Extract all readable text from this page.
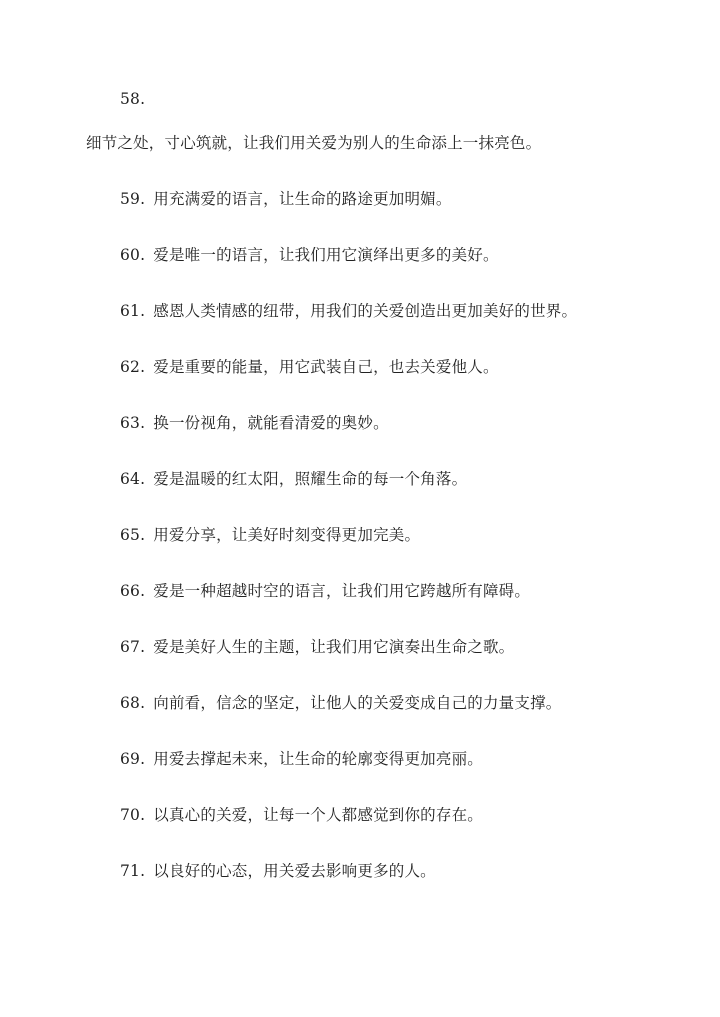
58.
细节之处，寸心筑就，让我们用关爱为别人的生命添上一抹亮色。
59. 用充满爱的语言，让生命的路途更加明媚。
60. 爱是唯一的语言，让我们用它演绎出更多的美好。
61. 感恩人类情感的纽带，用我们的关爱创造出更加美好的世界。
62. 爱是重要的能量，用它武装自己，也去关爱他人。
63. 换一份视角，就能看清爱的奥妙。
64. 爱是温暖的红太阳，照耀生命的每一个角落。
65. 用爱分享，让美好时刻变得更加完美。
66. 爱是一种超越时空的语言，让我们用它跨越所有障碍。
67. 爱是美好人生的主题，让我们用它演奏出生命之歌。
68. 向前看，信念的坚定，让他人的关爱变成自己的力量支撑。
69. 用爱去撑起未来，让生命的轮廓变得更加亮丽。
70. 以真心的关爱，让每一个人都感觉到你的存在。
71. 以良好的心态，用关爱去影响更多的人。
